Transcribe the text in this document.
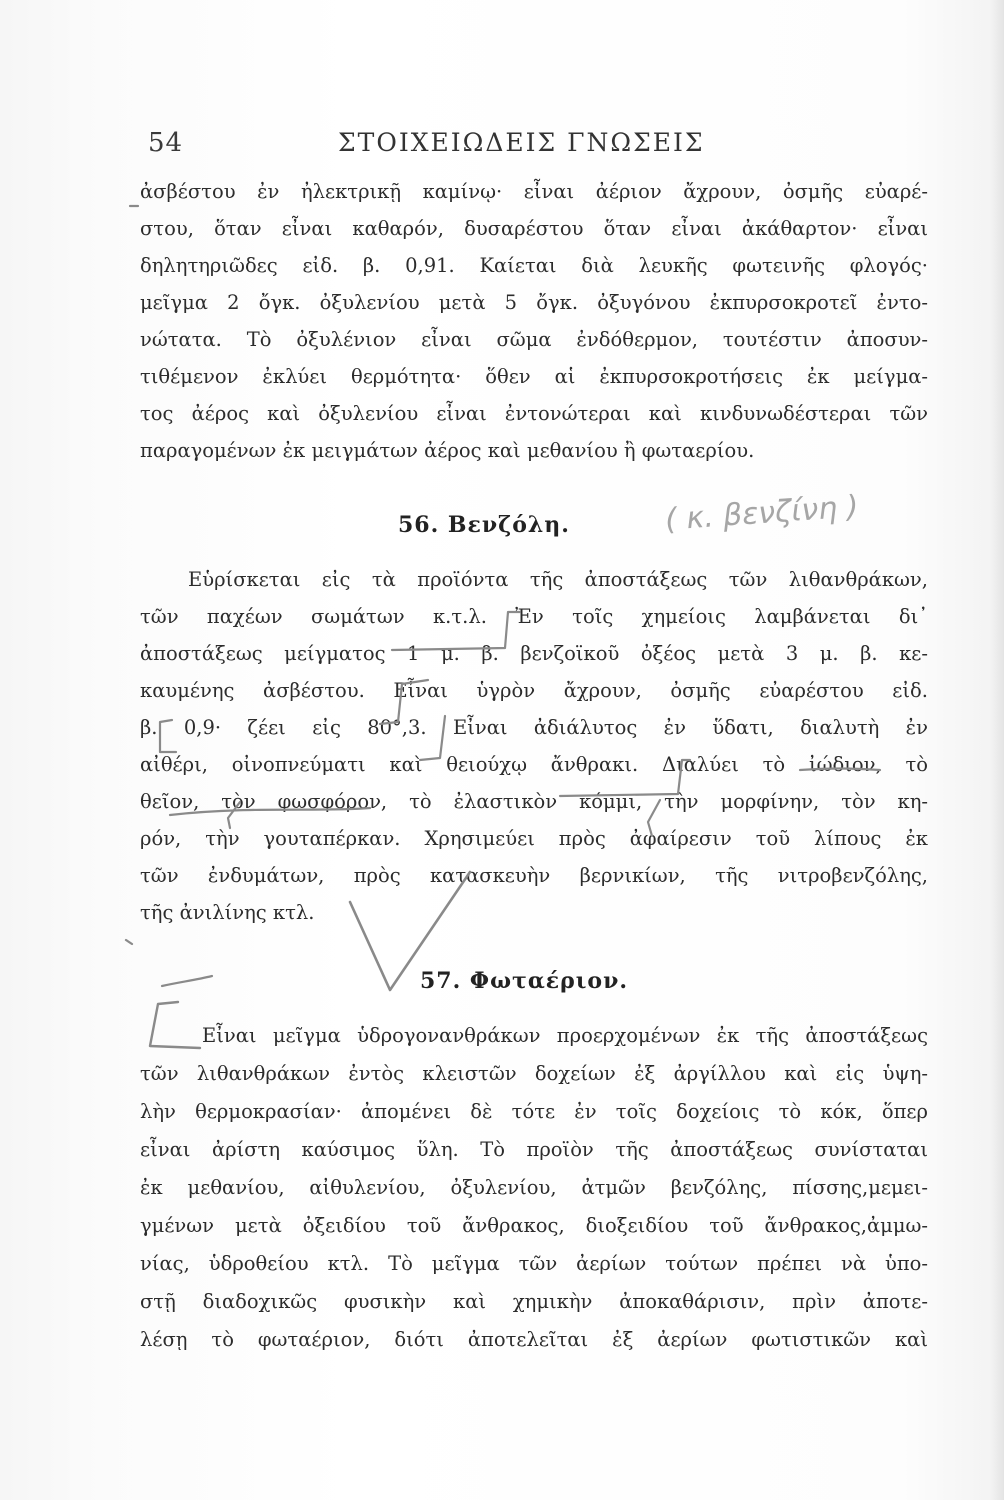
54	ΣΤΟΙΧΕΙΩΔΕΙΣ ΓΝΩΣΕΙΣ
ἀσβέστου ἐν ἠλεκτρικῇ καμίνῳ· εἶναι ἀέριον ἄχρουν, ὀσμῆς εὐαρέ-
στου, ὅταν εἶναι καθαρόν, δυσαρέστου ὅταν εἶναι ἀκάθαρτον· εἶναι
δηλητηριῶδες εἰδ. β. 0,91. Καίεται διὰ λευκῆς φωτεινῆς φλογός·
μεῖγμα 2 ὄγκ. ὀξυλενίου μετὰ 5 ὄγκ. ὀξυγόνου ἐκπυρσοκροτεῖ ἐντο-
νώτατα. Τὸ ὀξυλένιον εἶναι σῶμα ἐνδόθερμον, τουτέστιν ἀποσυν-
τιθέμενον ἐκλύει θερμότητα· ὅθεν αἱ ἐκπυρσοκροτήσεις ἐκ μείγμα-
τος ἀέρος καὶ ὀξυλενίου εἶναι ἐντονώτεραι καὶ κινδυνωδέστεραι τῶν
παραγομένων ἐκ μειγμάτων ἀέρος καὶ μεθανίου ἢ φωταερίου.
56. Βενζόλη.	( κ. βενζίνη )
Εὑρίσκεται εἰς τὰ προϊόντα τῆς ἀποστάξεως τῶν λιθανθράκων,
τῶν παχέων σωμάτων κ.τ.λ. Ἐν τοῖς χημείοις λαμβάνεται δι᾽
ἀποστάξεως μείγματος 1 μ. β. βενζοϊκοῦ ὀξέος μετὰ 3 μ. β. κε-
καυμένης ἀσβέστου. Εἶναι ὑγρὸν ἄχρουν, ὀσμῆς εὐαρέστου εἰδ.
β. 0,9· ζέει εἰς 80°,3. Εἶναι ἀδιάλυτος ἐν ὕδατι, διαλυτὴ ἐν
αἰθέρι, οἰνοπνεύματι καὶ θειούχῳ ἄνθρακι. Διαλύει τὸ ἰώδιον, τὸ
θεῖον, τὸν φωσφόρον, τὸ ἐλαστικὸν κόμμι, τὴν μορφίνην, τὸν κη-
ρόν, τὴν γουταπέρκαν. Χρησιμεύει πρὸς ἀφαίρεσιν τοῦ λίπους ἐκ
τῶν ἐνδυμάτων, πρὸς κατασκευὴν βερνικίων, τῆς νιτροβενζόλης,
τῆς ἀνιλίνης κτλ.
57. Φωταέριον.
Εἶναι μεῖγμα ὑδρογονανθράκων προερχομένων ἐκ τῆς ἀποστάξεως
τῶν λιθανθράκων ἐντὸς κλειστῶν δοχείων ἐξ ἀργίλλου καὶ εἰς ὑψη-
λὴν θερμοκρασίαν· ἀπομένει δὲ τότε ἐν τοῖς δοχείοις τὸ κόκ, ὅπερ
εἶναι ἀρίστη καύσιμος ὕλη. Τὸ προϊὸν τῆς ἀποστάξεως συνίσταται
ἐκ μεθανίου, αἰθυλενίου, ὀξυλενίου, ἀτμῶν βενζόλης, πίσσης,μεμει-
γμένων μετὰ ὀξειδίου τοῦ ἄνθρακος, διοξειδίου τοῦ ἄνθρακος,ἀμμω-
νίας, ὑδροθείου κτλ. Τὸ μεῖγμα τῶν ἀερίων τούτων πρέπει νὰ ὑπο-
στῇ διαδοχικῶς φυσικὴν καὶ χημικὴν ἀποκαθάρισιν, πρὶν ἀποτε-
λέσῃ τὸ φωταέριον, διότι ἀποτελεῖται ἐξ ἀερίων φωτιστικῶν καὶ
